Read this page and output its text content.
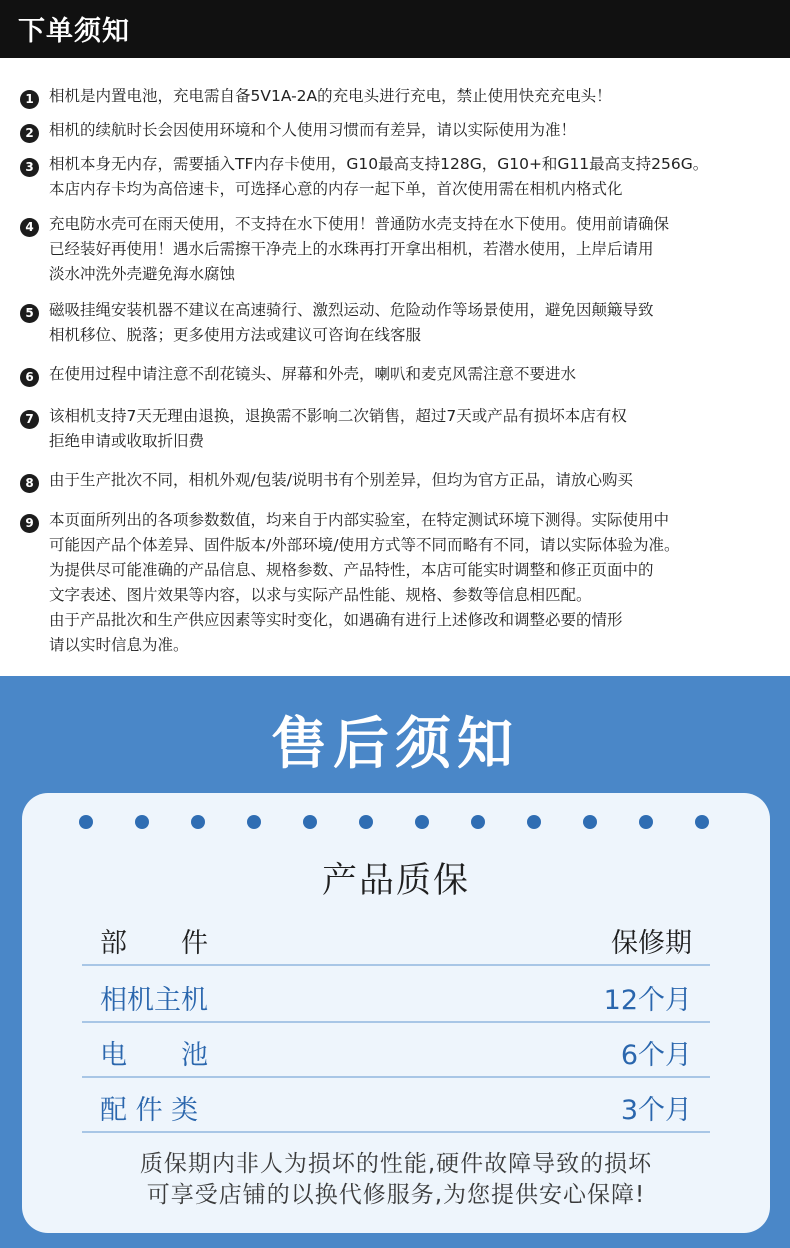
下单须知
1 相机是内置电池，充电需自备5V1A-2A的充电头进行充电，禁止使用快充充电头！
2 相机的续航时长会因使用环境和个人使用习惯而有差异，请以实际使用为准！
3 相机本身无内存，需要插入TF内存卡使用，G10最高支持128G，G10+和G11最高支持256G。
本店内存卡均为高倍速卡，可选择心意的内存一起下单，首次使用需在相机内格式化
4 充电防水壳可在雨天使用，不支持在水下使用！普通防水壳支持在水下使用。使用前请确保
已经装好再使用！遇水后需擦干净壳上的水珠再打开拿出相机，若潜水使用，上岸后请用
淡水冲洗外壳避免海水腐蚀
5 磁吸挂绳安装机器不建议在高速骑行、激烈运动、危险动作等场景使用，避免因颠簸导致
相机移位、脱落；更多使用方法或建议可咨询在线客服
6 在使用过程中请注意不刮花镜头、屏幕和外壳，喇叭和麦克风需注意不要进水
7 该相机支持7天无理由退换，退换需不影响二次销售，超过7天或产品有损坏本店有权
拒绝申请或收取折旧费
8 由于生产批次不同，相机外观/包装/说明书有个别差异，但均为官方正品，请放心购买
9 本页面所列出的各项参数数值，均来自于内部实验室，在特定测试环境下测得。实际使用中
可能因产品个体差异、固件版本/外部环境/使用方式等不同而略有不同，请以实际体验为准。
为提供尽可能准确的产品信息、规格参数、产品特性，本店可能实时调整和修正页面中的
文字表述、图片效果等内容，以求与实际产品性能、规格、参数等信息相匹配。
由于产品批次和生产供应因素等实时变化，如遇确有进行上述修改和调整必要的情形
请以实时信息为准。
售后须知
产品质保
部　　件	保修期
相机主机	12个月
电　　池	6个月
配 件 类	3个月
质保期内非人为损坏的性能,硬件故障导致的损坏
可享受店铺的以换代修服务,为您提供安心保障!
